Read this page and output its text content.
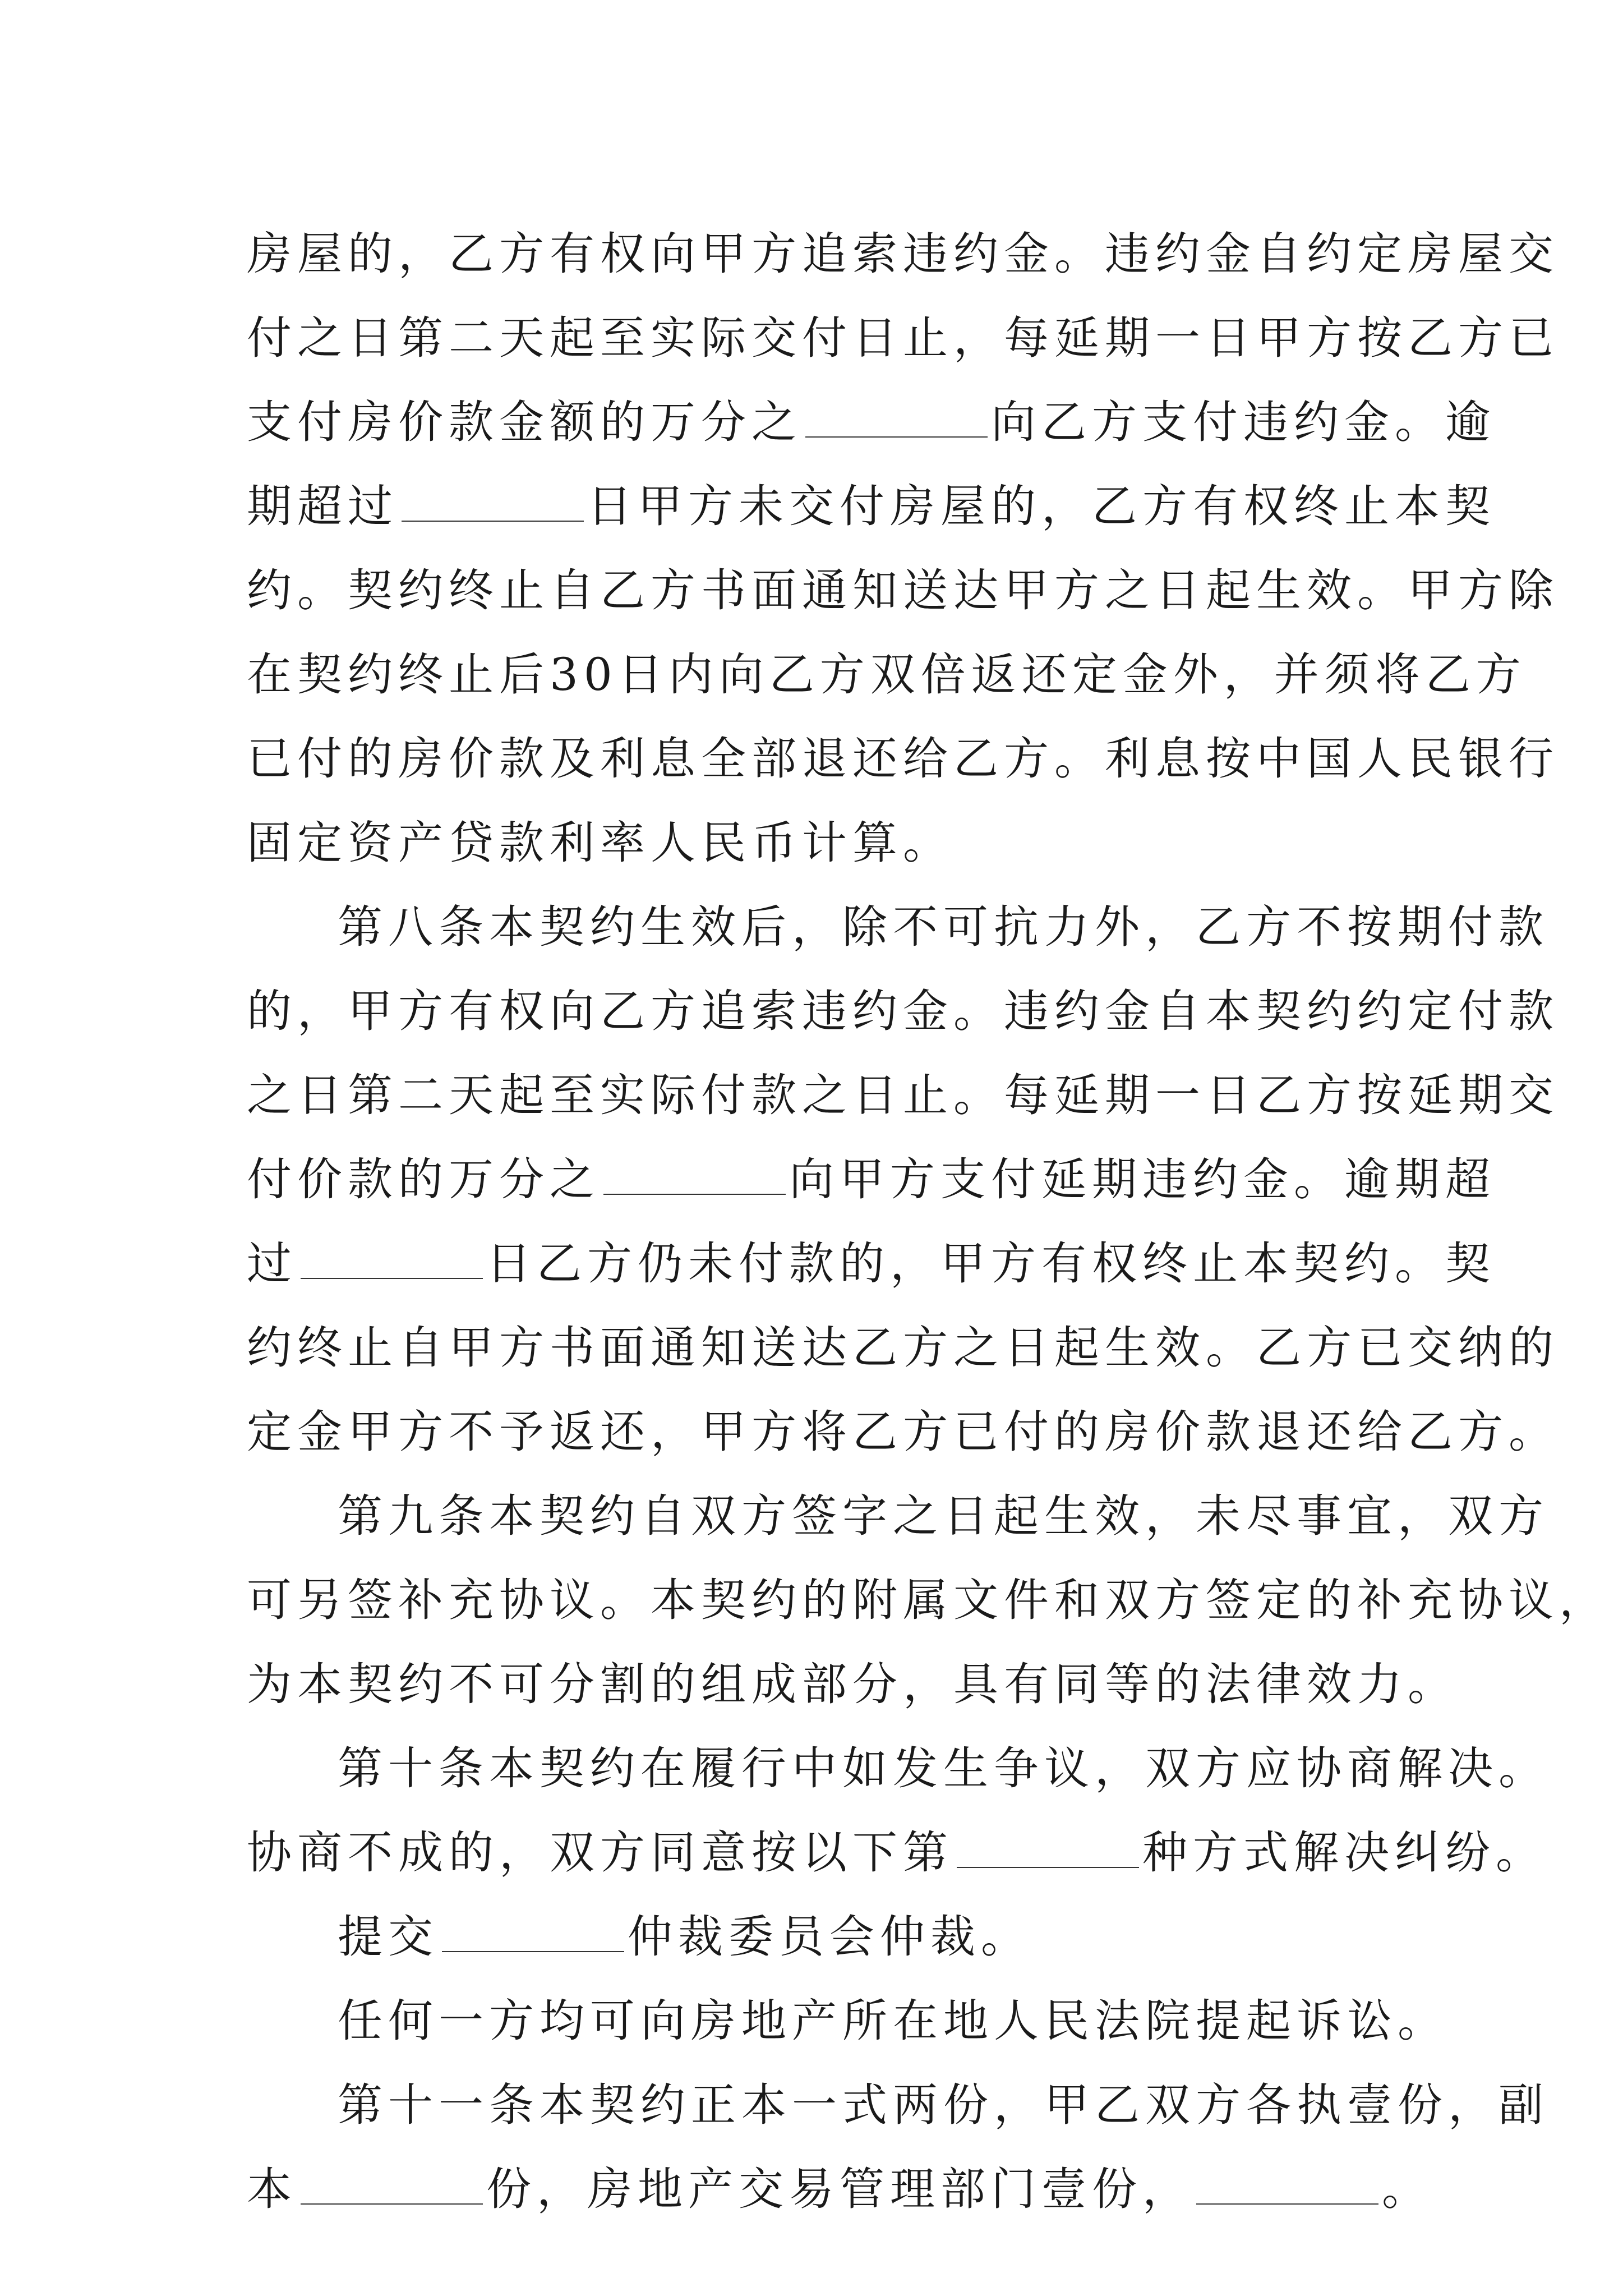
房屋的，乙方有权向甲方追索违约金。违约金自约定房屋交
付之日第二天起至实际交付日止，每延期一日甲方按乙方已
支付房价款金额的万分之	向乙方支付违约金。逾
期超过	日甲方未交付房屋的，乙方有权终止本契
约。契约终止自乙方书面通知送达甲方之日起生效。甲方除
在契约终止后30日内向乙方双倍返还定金外，并须将乙方
已付的房价款及利息全部退还给乙方。利息按中国人民银行
固定资产贷款利率人民币计算。
第八条本契约生效后，除不可抗力外，乙方不按期付款
的，甲方有权向乙方追索违约金。违约金自本契约约定付款
之日第二天起至实际付款之日止。每延期一日乙方按延期交
付价款的万分之	向甲方支付延期违约金。逾期超
过	日乙方仍未付款的，甲方有权终止本契约。契
约终止自甲方书面通知送达乙方之日起生效。乙方已交纳的
定金甲方不予返还，甲方将乙方已付的房价款退还给乙方。
第九条本契约自双方签字之日起生效，未尽事宜，双方
可另签补充协议。本契约的附属文件和双方签定的补充协议，
为本契约不可分割的组成部分，具有同等的法律效力。
第十条本契约在履行中如发生争议，双方应协商解决。
协商不成的，双方同意按以下第	种方式解决纠纷。
提交	仲裁委员会仲裁。
任何一方均可向房地产所在地人民法院提起诉讼。
第十一条本契约正本一式两份，甲乙双方各执壹份，副
本	份，房地产交易管理部门壹份，	。
